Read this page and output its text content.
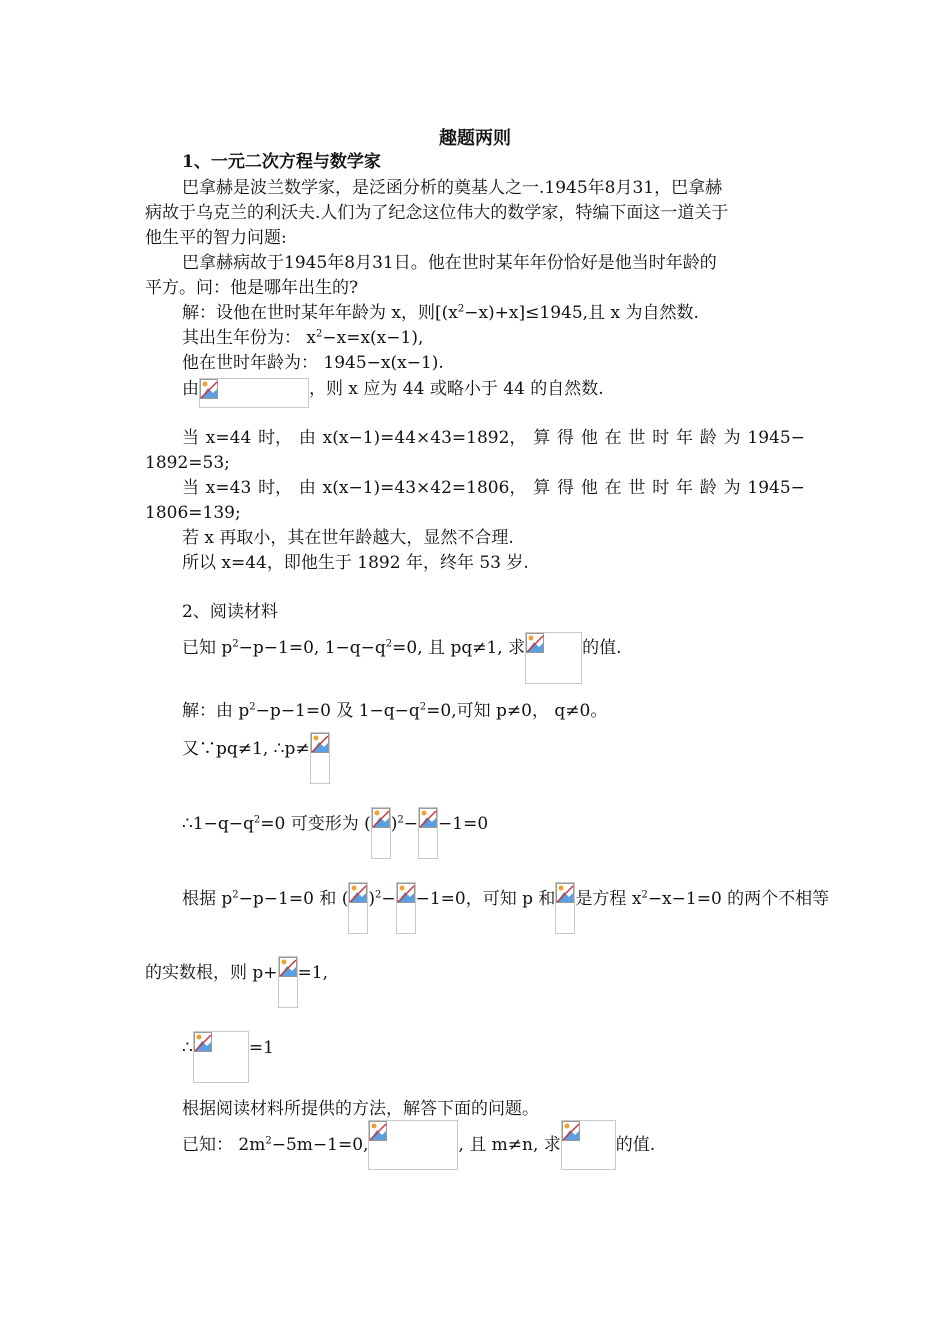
趣题两则
1、一元二次方程与数学家
巴拿赫是波兰数学家，是泛函分析的奠基人之一.1945年8月31，巴拿赫
病故于乌克兰的利沃夫.人们为了纪念这位伟大的数学家，特编下面这一道关于
他生平的智力问题:
巴拿赫病故于1945年8月31日。他在世时某年年份恰好是他当时年龄的
平方。问：他是哪年出生的?
解：设他在世时某年年龄为 x，则$[(x^2-x)+x]\le 1945$,且 x 为自然数.
其出生年份为： $x^2-x=x(x-1)$,
他在世时年龄为： 1945−x(x−1).
由	，则 x 应为 44 或略小于 44 的自然数.
当 x=44 时， 由 x(x−1)=44×43=1892， 算 得 他 在 世 时 年 龄 为 1945−
1892=53;
当 x=43 时， 由 x(x−1)=43×42=1806， 算 得 他 在 世 时 年 龄 为 1945−
1806=139;
若 x 再取小，其在世年龄越大，显然不合理.
所以 x=44，即他生于 1892 年，终年 53 岁.
2、阅读材料
已知 $p^2-p-1=0$, $1-q-q^2=0$, 且 pq≠1, 求	的值.
解：由 $p^2-p-1=0$ 及 $1-q-q^2=0$,可知 p≠0， q≠0。
又∵pq≠1, ∴p≠
$\therefore 1-q-q^2=0$ 可变形为 ( )$^2$− −1=0
根据 $p^2-p-1=0$ 和 ( )$^2$− −1=0，可知 p 和 是方程 $x^2-x-1=0$ 的两个不相等
的实数根，则 p+ =1,
∴	=1
根据阅读材料所提供的方法，解答下面的问题。
已知： $2m^2-5m-1=0$,	, 且 m≠n, 求	的值.
